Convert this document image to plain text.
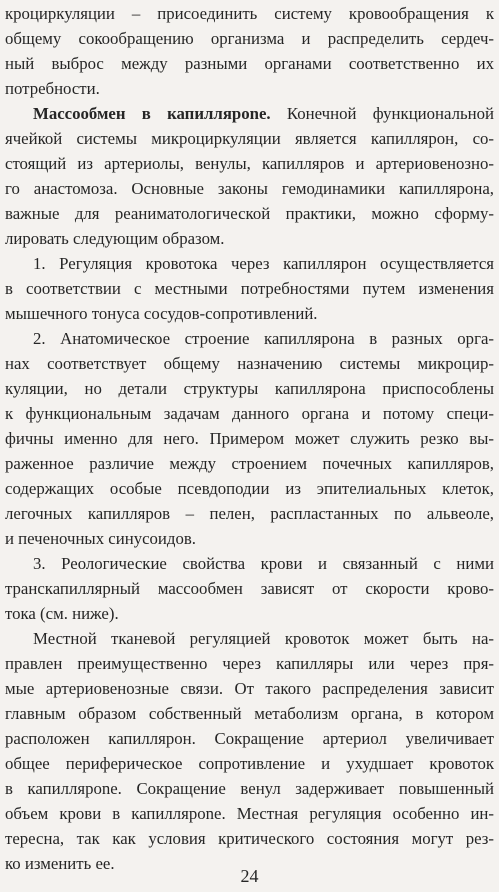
кроциркуляции – присоединить систему кровообращения к
общему сокообращению организма и распределить сердеч-
ный выброс между разными органами соответственно их
потребности.
Массообмен в капиллярone. Конечной функциональной
ячейкой системы микроциркуляции является капиллярон, со-
стоящий из артериолы, венулы, капилляров и артериовенозно-
го анастомоза. Основные законы гемодинамики капиллярона,
важные для реаниматологической практики, можно сформу-
лировать следующим образом.
1. Регуляция кровотока через капиллярон осуществляется
в соответствии с местными потребностями путем изменения
мышечного тонуса сосудов-сопротивлений.
2. Анатомическое строение капиллярона в разных орга-
нах соответствует общему назначению системы микроцир-
куляции, но детали структуры капиллярона приспособлены
к функциональным задачам данного органа и потому специ-
фичны именно для него. Примером может служить резко вы-
раженное различие между строением почечных капилляров,
содержащих особые псевдоподии из эпителиальных клеток,
легочных капилляров – пелен, распластанных по альвеоле,
и печеночных синусоидов.
3. Реологические свойства крови и связанный с ними
транскапиллярный массообмен зависят от скорости крово-
тока (см. ниже).
Местной тканевой регуляцией кровоток может быть на-
правлен преимущественно через капилляры или через пря-
мые артериовенозные связи. От такого распределения зависит
главным образом собственный метаболизм органа, в котором
расположен капиллярон. Сокращение артериол увеличивает
общее периферическое сопротивление и ухудшает кровоток
в капиллярone. Сокращение венул задерживает повышенный
объем крови в капиллярone. Местная регуляция особенно ин-
тересна, так как условия критического состояния могут рез-
ко изменить ее.
24
